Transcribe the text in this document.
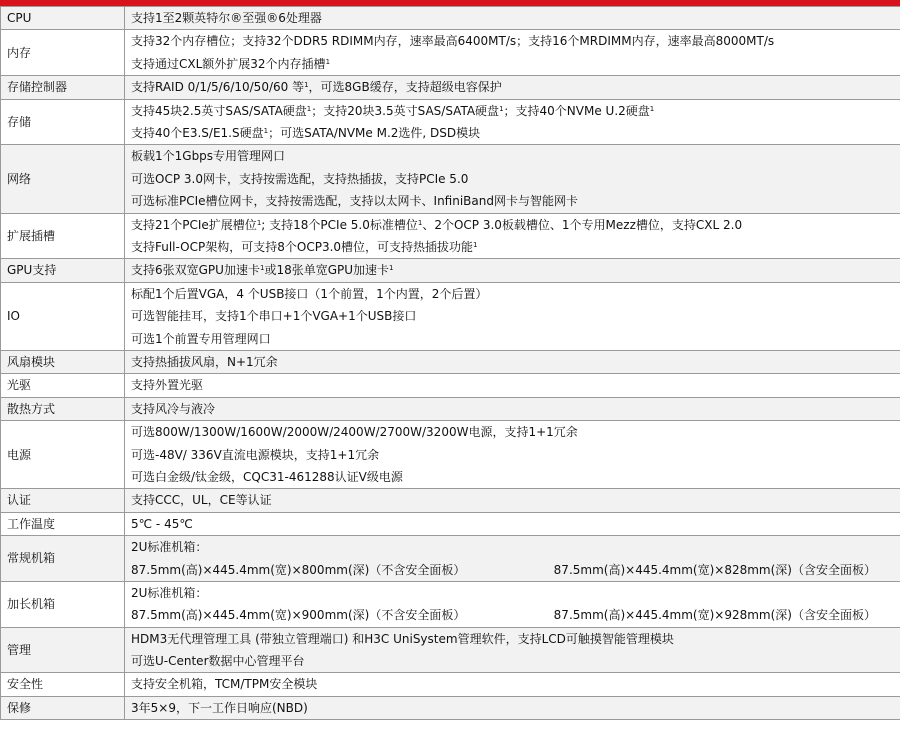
CPU	支持1至2颗英特尔®至强®6处理器

内存	支持32个内存槽位；支持32个DDR5 RDIMM内存，速率最高6400MT/s；支持16个MRDIMM内存，速率最高8000MT/s
支持通过CXL额外扩展32个内存插槽$^1$

存储控制器	支持RAID 0/1/5/6/10/50/60 等$^1$，可选8GB缓存，支持超级电容保护

存储	支持45块2.5英寸SAS/SATA硬盘$^1$；支持20块3.5英寸SAS/SATA硬盘$^1$；支持40个NVMe U.2硬盘$^1$
支持40个E3.S/E1.S硬盘$^1$；可选SATA/NVMe M.2选件, DSD模块

网络	板载1个1Gbps专用管理网口
可选OCP 3.0网卡，支持按需选配，支持热插拔，支持PCIe 5.0
可选标准PCIe槽位网卡，支持按需选配，支持以太网卡、InfiniBand网卡与智能网卡

扩展插槽	支持21个PCIe扩展槽位$^1$; 支持18个PCIe 5.0标准槽位$^1$、2个OCP 3.0板载槽位、1个专用Mezz槽位，支持CXL 2.0
支持Full-OCP架构，可支持8个OCP3.0槽位，可支持热插拔功能$^1$

GPU支持	支持6张双宽GPU加速卡$^1$或18张单宽GPU加速卡$^1$

IO	标配1个后置VGA，4 个USB接口（1个前置，1个内置，2个后置）
可选智能挂耳，支持1个串口+1个VGA+1个USB接口
可选1个前置专用管理网口

风扇模块	支持热插拔风扇，N+1冗余

光驱	支持外置光驱

散热方式	支持风冷与液冷

电源	可选800W/1300W/1600W/2000W/2400W/2700W/3200W电源，支持1+1冗余
可选-48V/ 336V直流电源模块，支持1+1冗余
可选白金级/钛金级，CQC31-461288认证Ⅴ级电源

认证	支持CCC，UL，CE等认证

工作温度	5℃ - 45℃

常规机箱	2U标准机箱：
87.5mm(高)×445.4mm(宽)×800mm(深)（不含安全面板） 87.5mm(高)×445.4mm(宽)×828mm(深)（含安全面板）

加长机箱	2U标准机箱：
87.5mm(高)×445.4mm(宽)×900mm(深)（不含安全面板） 87.5mm(高)×445.4mm(宽)×928mm(深)（含安全面板）

管理	HDM3无代理管理工具 (带独立管理端口) 和H3C UniSystem管理软件，支持LCD可触摸智能管理模块
可选U-Center数据中心管理平台

安全性	支持安全机箱，TCM/TPM安全模块

保修	3年5×9，下一工作日响应(NBD)
